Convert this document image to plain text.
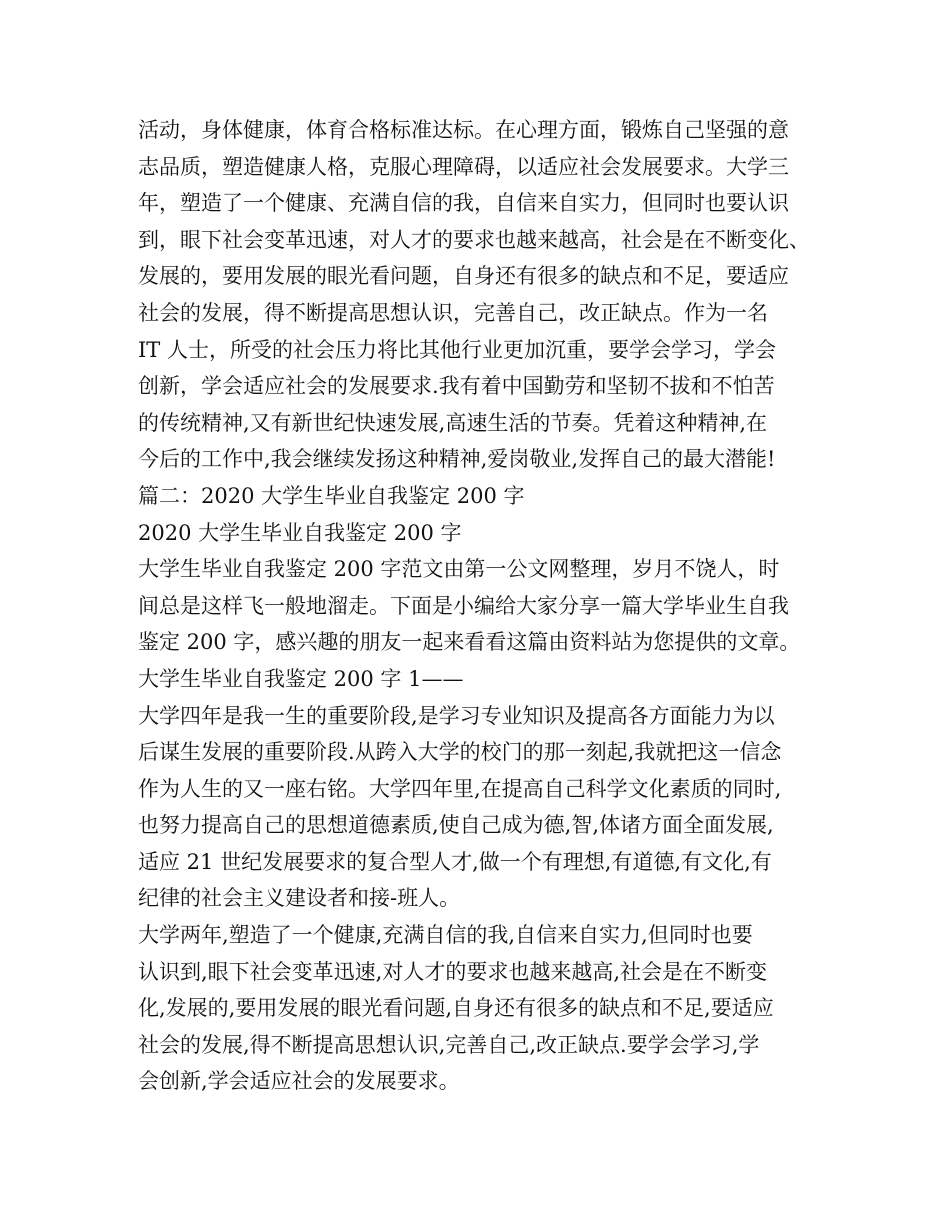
活动，身体健康，体育合格标准达标。在心理方面，锻炼自己坚强的意
志品质，塑造健康人格，克服心理障碍，以适应社会发展要求。大学三
年，塑造了一个健康、充满自信的我，自信来自实力，但同时也要认识
到，眼下社会变革迅速，对人才的要求也越来越高，社会是在不断变化、
发展的，要用发展的眼光看问题，自身还有很多的缺点和不足，要适应
社会的发展，得不断提高思想认识，完善自己，改正缺点。作为一名
IT 人士，所受的社会压力将比其他行业更加沉重，要学会学习，学会
创新，学会适应社会的发展要求.我有着中国勤劳和坚韧不拔和不怕苦
的传统精神,又有新世纪快速发展,高速生活的节奏。凭着这种精神,在
今后的工作中,我会继续发扬这种精神,爱岗敬业,发挥自己的最大潜能!
篇二：2020 大学生毕业自我鉴定 200 字
2020 大学生毕业自我鉴定 200 字
大学生毕业自我鉴定 200 字范文由第一公文网整理，岁月不饶人，时
间总是这样飞一般地溜走。下面是小编给大家分享一篇大学毕业生自我
鉴定 200 字，感兴趣的朋友一起来看看这篇由资料站为您提供的文章。
大学生毕业自我鉴定 200 字 1——
大学四年是我一生的重要阶段,是学习专业知识及提高各方面能力为以
后谋生发展的重要阶段.从跨入大学的校门的那一刻起,我就把这一信念
作为人生的又一座右铭。大学四年里,在提高自己科学文化素质的同时,
也努力提高自己的思想道德素质,使自己成为德,智,体诸方面全面发展,
适应 21 世纪发展要求的复合型人才,做一个有理想,有道德,有文化,有
纪律的社会主义建设者和接-班人。
大学两年,塑造了一个健康,充满自信的我,自信来自实力,但同时也要
认识到,眼下社会变革迅速,对人才的要求也越来越高,社会是在不断变
化,发展的,要用发展的眼光看问题,自身还有很多的缺点和不足,要适应
社会的发展,得不断提高思想认识,完善自己,改正缺点.要学会学习,学
会创新,学会适应社会的发展要求。
